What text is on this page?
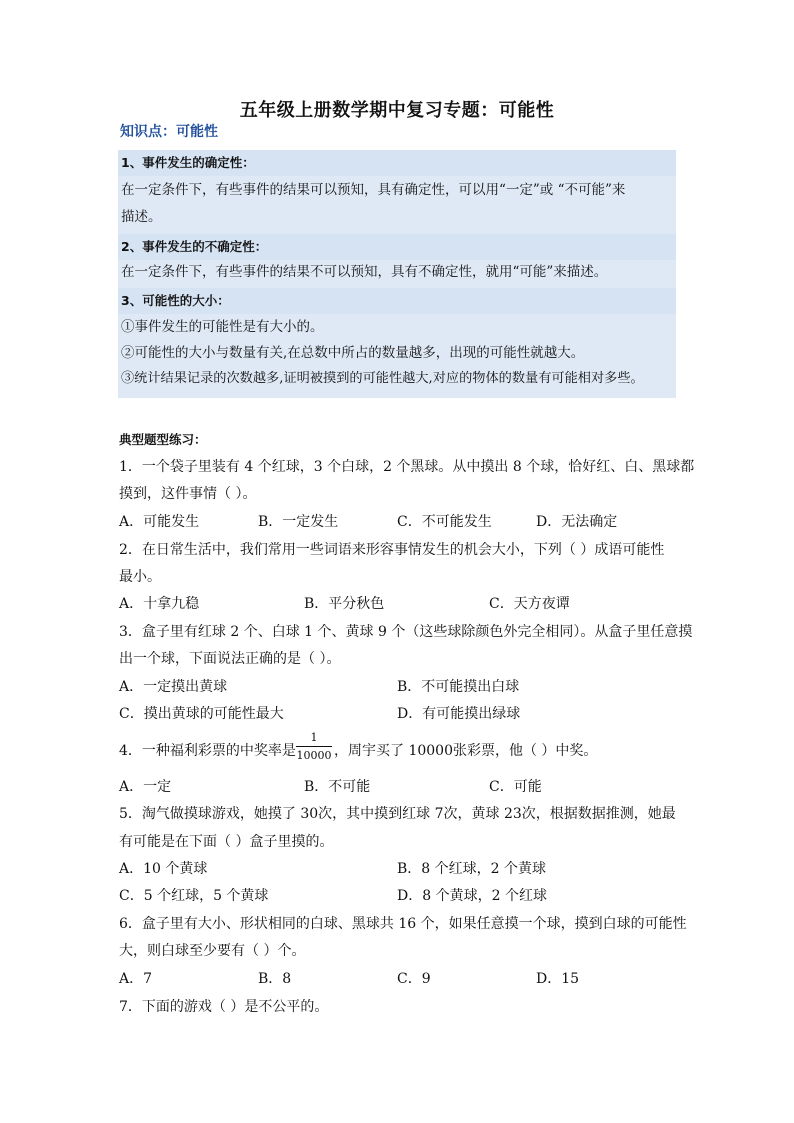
五年级上册数学期中复习专题：可能性
知识点：可能性
1、事件发生的确定性：
在一定条件下，有些事件的结果可以预知，具有确定性，可以用“一定”或 “不可能”来
描述。
2、事件发生的不确定性：
在一定条件下，有些事件的结果不可以预知，具有不确定性，就用“可能”来描述。
3、可能性的大小：
①事件发生的可能性是有大小的。
②可能性的大小与数量有关,在总数中所占的数量越多，出现的可能性就越大。
③统计结果记录的次数越多,证明被摸到的可能性越大,对应的物体的数量有可能相对多些。
典型题型练习：
1．一个袋子里装有 4 个红球，3 个白球，2 个黑球。从中摸出 8 个球，恰好红、白、黑球都
摸到，这件事情（ ）。
A．可能发生	B．一定发生	C．不可能发生	D．无法确定
2．在日常生活中，我们常用一些词语来形容事情发生的机会大小，下列（ ）成语可能性
最小。
A．十拿九稳	B．平分秋色	C．天方夜谭
3．盒子里有红球 2 个、白球 1 个、黄球 9 个（这些球除颜色外完全相同）。从盒子里任意摸
出一个球，下面说法正确的是（ ）。
A．一定摸出黄球	B．不可能摸出白球
C．摸出黄球的可能性最大	D．有可能摸出绿球
4．一种福利彩票的中奖率是
1
10000 ，周宇买了 10000张彩票，他（ ）中奖。
A．一定	B．不可能	C．可能
5．淘气做摸球游戏，她摸了 30次，其中摸到红球 7次，黄球 23次，根据数据推测，她最
有可能是在下面（ ）盒子里摸的。
A．10 个黄球	B．8 个红球，2 个黄球
C．5 个红球，5 个黄球	D．8 个黄球，2 个红球
6．盒子里有大小、形状相同的白球、黑球共 16 个，如果任意摸一个球，摸到白球的可能性
大，则白球至少要有（ ）个。
A．7	B．8	C．9	D．15
7．下面的游戏（ ）是不公平的。
